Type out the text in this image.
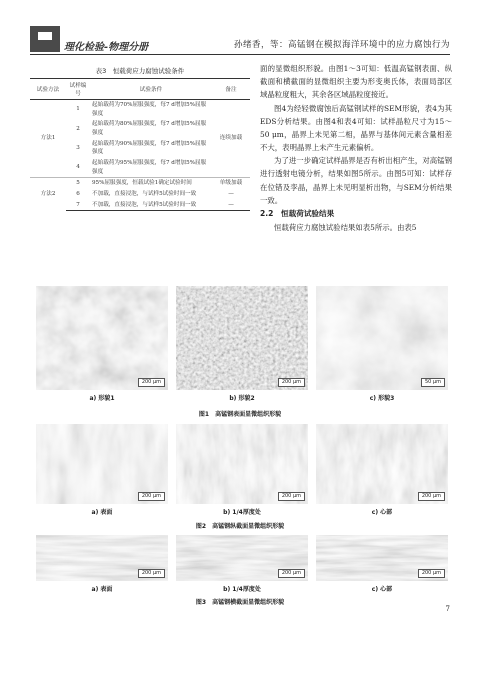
理化检验-物理分册	孙绪香，等：高锰钢在模拟海洋环境中的应力腐蚀行为
表3　恒载荷应力腐蚀试验条件
试验方法	试样编号	试验条件	备注
方法1	1	起始载荷为70%屈服强度，每7 d增加5%屈服强度	连续加载
	2	起始载荷为80%屈服强度，每7 d增加5%屈服强度	
	3	起始载荷为90%屈服强度，每7 d增加5%屈服强度	
	4	起始载荷为95%屈服强度，每7 d增加5%屈服强度	
方法2	5	95%屈服强度，恒载试验1确定试验时间	单级加载
	6	不加载，直接浸泡，与试样5试验时间一致	—
	7	不加载，直接浸泡，与试样5试验时间一致	—

面的显微组织形貌。由图1～3可知：低温高锰钢表面、纵截面和横截面的显微组织主要为形变奥氏体，表面局部区域晶粒度粗大，其余各区域晶粒度接近。

图4为经轻微腐蚀后高锰钢试样的SEM形貌，表4为其EDS分析结果。由图4和表4可知：试样晶粒尺寸为15～50 μm，晶界上未见第二相，晶界与基体间元素含量相差不大，表明晶界上未产生元素偏析。

为了进一步确定试样晶界是否有析出相产生，对高锰钢进行透射电镜分析，结果如图5所示。由图5可知：试样存在位错及孪晶，晶界上未见明显析出物，与SEM分析结果一致。

2.2　恒载荷试验结果

恒载荷应力腐蚀试验结果如表5所示。由表5

200 μm	200 μm	50 μm
a) 形貌1	b) 形貌2	c) 形貌3
图1　高锰钢表面显微组织形貌
200 μm	200 μm	200 μm
a) 表面	b) 1/4厚度处	c) 心部
图2　高锰钢纵截面显微组织形貌
200 μm	200 μm	200 μm
a) 表面	b) 1/4厚度处	c) 心部
图3　高锰钢横截面显微组织形貌
7
